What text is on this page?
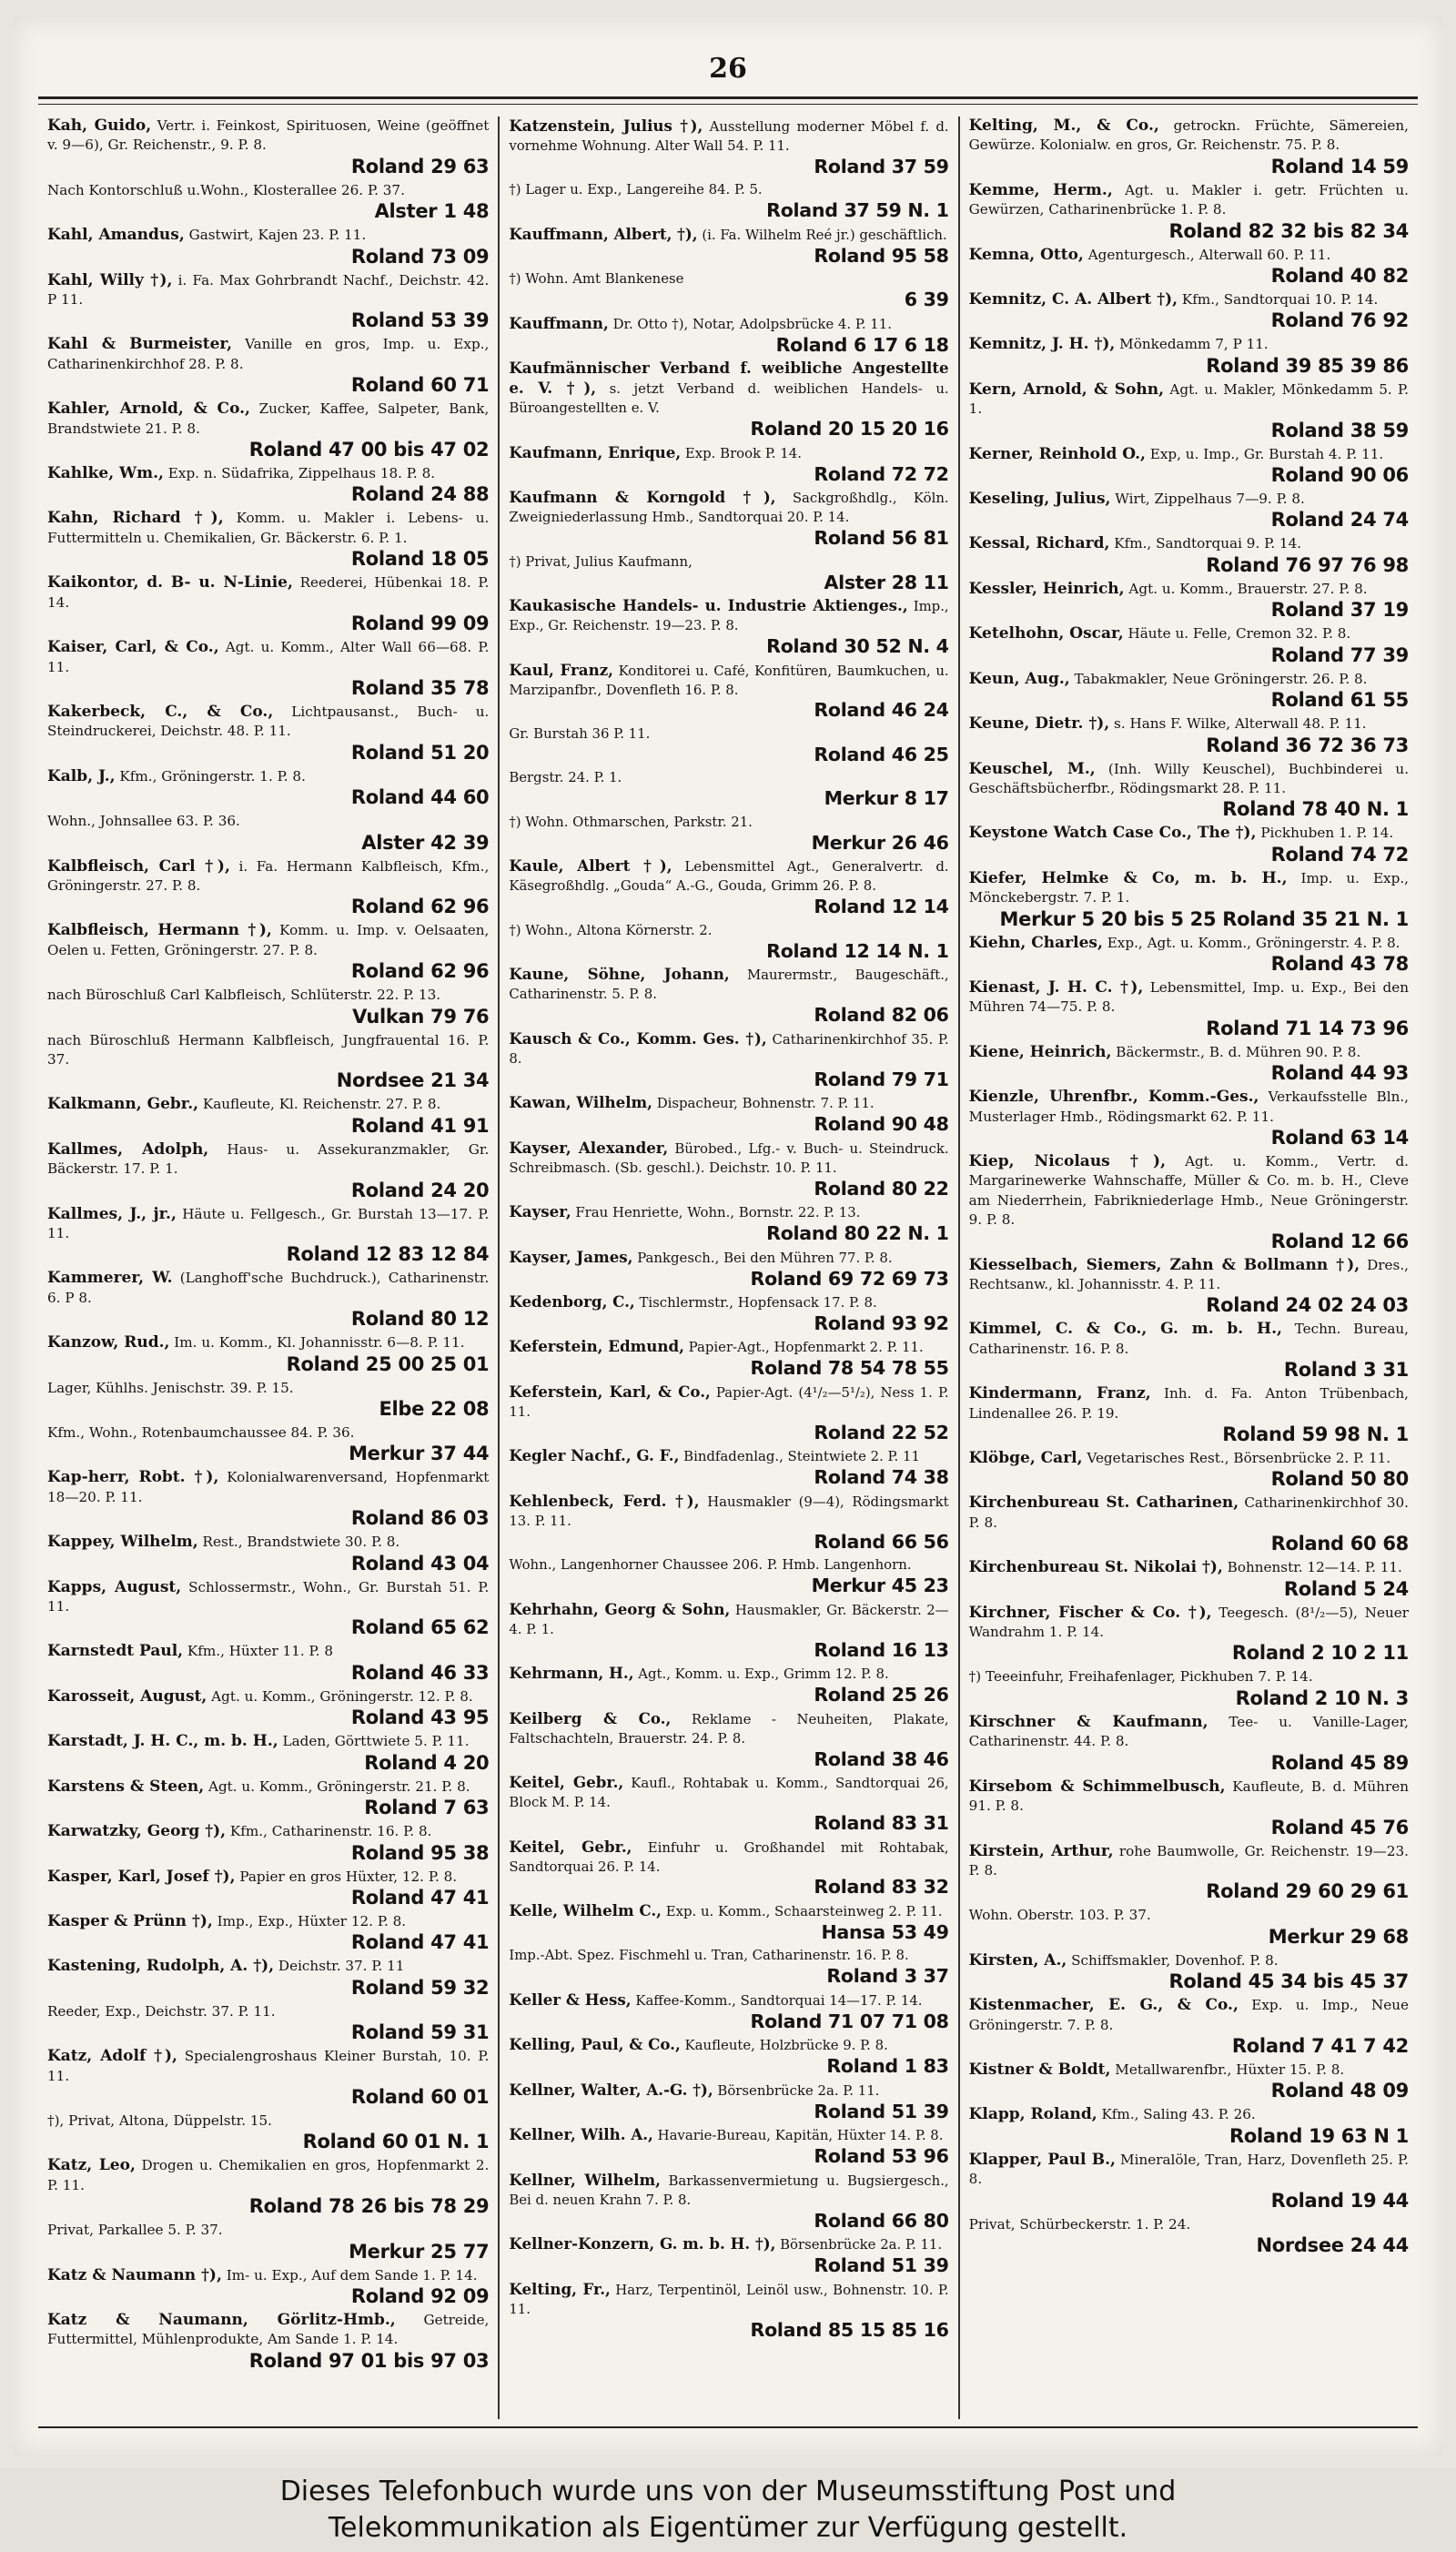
26
Kah, Guido, Vertr. i. Feinkost, Spirituosen, Weine (geöffnet v. 9—6), Gr. Reichenstr., 9. P. 8.
Roland 29 63
Nach Kontorschluß u.Wohn., Klosterallee 26. P. 37.
Alster 1 48
Kahl, Amandus, Gastwirt, Kajen 23. P. 11.
Roland 73 09
Kahl, Willy †), i. Fa. Max Gohrbrandt Nachf., Deichstr. 42. P 11.
Roland 53 39
Kahl & Burmeister, Vanille en gros, Imp. u. Exp., Catharinenkirchhof 28. P. 8.
Roland 60 71
Kahler, Arnold, & Co., Zucker, Kaffee, Salpeter, Bank, Brandstwiete 21. P. 8.
Roland 47 00 bis 47 02
Kahlke, Wm., Exp. n. Südafrika, Zippelhaus 18. P. 8.
Roland 24 88
Kahn, Richard †), Komm. u. Makler i. Lebens- u. Futtermitteln u. Chemikalien, Gr. Bäckerstr. 6. P. 1.
Roland 18 05
Kaikontor, d. B- u. N-Linie, Reederei, Hübenkai 18. P. 14.
Roland 99 09
Kaiser, Carl, & Co., Agt. u. Komm., Alter Wall 66—68. P. 11.
Roland 35 78
Kakerbeck, C., & Co., Lichtpausanst., Buch- u. Steindruckerei, Deichstr. 48. P. 11.
Roland 51 20
Kalb, J., Kfm., Gröningerstr. 1. P. 8.
Roland 44 60
Wohn., Johnsallee 63. P. 36.
Alster 42 39
Kalbfleisch, Carl †), i. Fa. Hermann Kalbfleisch, Kfm., Gröningerstr. 27. P. 8.
Roland 62 96
Kalbfleisch, Hermann †), Komm. u. Imp. v. Oelsaaten, Oelen u. Fetten, Gröningerstr. 27. P. 8.
Roland 62 96
nach Büroschluß Carl Kalbfleisch, Schlüterstr. 22. P. 13.
Vulkan 79 76
nach Büroschluß Hermann Kalbfleisch, Jungfrauental 16. P. 37.
Nordsee 21 34
Kalkmann, Gebr., Kaufleute, Kl. Reichenstr. 27. P. 8.
Roland 41 91
Kallmes, Adolph, Haus- u. Assekuranzmakler, Gr. Bäckerstr. 17. P. 1.
Roland 24 20
Kallmes, J., jr., Häute u. Fellgesch., Gr. Burstah 13—17. P. 11.
Roland 12 83 12 84
Kammerer, W. (Langhoff'sche Buchdruck.), Catharinenstr. 6. P 8.
Roland 80 12
Kanzow, Rud., Im. u. Komm., Kl. Johannisstr. 6—8. P. 11.
Roland 25 00 25 01
Lager, Kühlhs. Jenischstr. 39. P. 15.
Elbe 22 08
Kfm., Wohn., Rotenbaumchaussee 84. P. 36.
Merkur 37 44
Kap-herr, Robt. †), Kolonialwarenversand, Hopfenmarkt 18—20. P. 11.
Roland 86 03
Kappey, Wilhelm, Rest., Brandstwiete 30. P. 8.
Roland 43 04
Kapps, August, Schlossermstr., Wohn., Gr. Burstah 51. P. 11.
Roland 65 62
Karnstedt Paul, Kfm., Hüxter 11. P. 8
Roland 46 33
Karosseit, August, Agt. u. Komm., Gröningerstr. 12. P. 8.
Roland 43 95
Karstadt, J. H. C., m. b. H., Laden, Görttwiete 5. P. 11.
Roland 4 20
Karstens & Steen, Agt. u. Komm., Gröningerstr. 21. P. 8.
Roland 7 63
Karwatzky, Georg †), Kfm., Catharinenstr. 16. P. 8.
Roland 95 38
Kasper, Karl, Josef †), Papier en gros Hüxter, 12. P. 8.
Roland 47 41
Kasper & Prünn †), Imp., Exp., Hüxter 12. P. 8.
Roland 47 41
Kastening, Rudolph, A. †), Deichstr. 37. P. 11
Roland 59 32
Reeder, Exp., Deichstr. 37. P. 11.
Roland 59 31
Katz, Adolf †), Specialengroshaus Kleiner Burstah, 10. P. 11.
Roland 60 01
†), Privat, Altona, Düppelstr. 15.
Roland 60 01 N. 1
Katz, Leo, Drogen u. Chemikalien en gros, Hopfenmarkt 2. P. 11.
Roland 78 26 bis 78 29
Privat, Parkallee 5. P. 37.
Merkur 25 77
Katz & Naumann †), Im- u. Exp., Auf dem Sande 1. P. 14.
Roland 92 09
Katz & Naumann, Görlitz-Hmb., Getreide, Futtermittel, Mühlenprodukte, Am Sande 1. P. 14.
Roland 97 01 bis 97 03
Katzenstein, Julius †), Ausstellung moderner Möbel f. d. vornehme Wohnung. Alter Wall 54. P. 11.
Roland 37 59
†) Lager u. Exp., Langereihe 84. P. 5.
Roland 37 59 N. 1
Kauffmann, Albert, †), (i. Fa. Wilhelm Reé jr.) geschäftlich.
Roland 95 58
†) Wohn. Amt Blankenese
6 39
Kauffmann, Dr. Otto †), Notar, Adolpsbrücke 4. P. 11.
Roland 6 17 6 18
Kaufmännischer Verband f. weibliche Angestellte e. V. †), s. jetzt Verband d. weiblichen Handels- u. Büroangestellten e. V.
Roland 20 15 20 16
Kaufmann, Enrique, Exp. Brook P. 14.
Roland 72 72
Kaufmann & Korngold †), Sackgroßhdlg., Köln. Zweigniederlassung Hmb., Sandtorquai 20. P. 14.
Roland 56 81
†) Privat, Julius Kaufmann,
Alster 28 11
Kaukasische Handels- u. Industrie Aktienges., Imp., Exp., Gr. Reichenstr. 19—23. P. 8.
Roland 30 52 N. 4
Kaul, Franz, Konditorei u. Café, Konfitüren, Baumkuchen, u. Marzipanfbr., Dovenfleth 16. P. 8.
Roland 46 24
Gr. Burstah 36 P. 11.
Roland 46 25
Bergstr. 24. P. 1.
Merkur 8 17
†) Wohn. Othmarschen, Parkstr. 21.
Merkur 26 46
Kaule, Albert †), Lebensmittel Agt., Generalvertr. d. Käsegroßhdlg. „Gouda“ A.-G., Gouda, Grimm 26. P. 8.
Roland 12 14
†) Wohn., Altona Körnerstr. 2.
Roland 12 14 N. 1
Kaune, Söhne, Johann, Maurermstr., Baugeschäft., Catharinenstr. 5. P. 8.
Roland 82 06
Kausch & Co., Komm. Ges. †), Catharinenkirchhof 35. P. 8.
Roland 79 71
Kawan, Wilhelm, Dispacheur, Bohnenstr. 7. P. 11.
Roland 90 48
Kayser, Alexander, Bürobed., Lfg.- v. Buch- u. Steindruck. Schreibmasch. (Sb. geschl.). Deichstr. 10. P. 11.
Roland 80 22
Kayser, Frau Henriette, Wohn., Bornstr. 22. P. 13.
Roland 80 22 N. 1
Kayser, James, Pankgesch., Bei den Mühren 77. P. 8.
Roland 69 72 69 73
Kedenborg, C., Tischlermstr., Hopfensack 17. P. 8.
Roland 93 92
Keferstein, Edmund, Papier-Agt., Hopfenmarkt 2. P. 11.
Roland 78 54 78 55
Keferstein, Karl, & Co., Papier-Agt. (4¹/₂—5¹/₂), Ness 1. P. 11.
Roland 22 52
Kegler Nachf., G. F., Bindfadenlag., Steintwiete 2. P. 11
Roland 74 38
Kehlenbeck, Ferd. †), Hausmakler (9—4), Rödingsmarkt 13. P. 11.
Roland 66 56
Wohn., Langenhorner Chaussee 206. P. Hmb. Langenhorn.
Merkur 45 23
Kehrhahn, Georg & Sohn, Hausmakler, Gr. Bäckerstr. 2—4. P. 1.
Roland 16 13
Kehrmann, H., Agt., Komm. u. Exp., Grimm 12. P. 8.
Roland 25 26
Keilberg & Co., Reklame - Neuheiten, Plakate, Faltschachteln, Brauerstr. 24. P. 8.
Roland 38 46
Keitel, Gebr., Kaufl., Rohtabak u. Komm., Sandtorquai 26, Block M. P. 14.
Roland 83 31
Keitel, Gebr., Einfuhr u. Großhandel mit Rohtabak, Sandtorquai 26. P. 14.
Roland 83 32
Kelle, Wilhelm C., Exp. u. Komm., Schaarsteinweg 2. P. 11.
Hansa 53 49
Imp.-Abt. Spez. Fischmehl u. Tran, Catharinenstr. 16. P. 8.
Roland 3 37
Keller & Hess, Kaffee-Komm., Sandtorquai 14—17. P. 14.
Roland 71 07 71 08
Kelling, Paul, & Co., Kaufleute, Holzbrücke 9. P. 8.
Roland 1 83
Kellner, Walter, A.-G. †), Börsenbrücke 2a. P. 11.
Roland 51 39
Kellner, Wilh. A., Havarie-Bureau, Kapitän, Hüxter 14. P. 8.
Roland 53 96
Kellner, Wilhelm, Barkassenvermietung u. Bugsiergesch., Bei d. neuen Krahn 7. P. 8.
Roland 66 80
Kellner-Konzern, G. m. b. H. †), Börsenbrücke 2a. P. 11.
Roland 51 39
Kelting, Fr., Harz, Terpentinöl, Leinöl usw., Bohnenstr. 10. P. 11.
Roland 85 15 85 16
Kelting, M., & Co., getrockn. Früchte, Sämereien, Gewürze. Kolonialw. en gros, Gr. Reichenstr. 75. P. 8.
Roland 14 59
Kemme, Herm., Agt. u. Makler i. getr. Früchten u. Gewürzen, Catharinenbrücke 1. P. 8.
Roland 82 32 bis 82 34
Kemna, Otto, Agenturgesch., Alterwall 60. P. 11.
Roland 40 82
Kemnitz, C. A. Albert †), Kfm., Sandtorquai 10. P. 14.
Roland 76 92
Kemnitz, J. H. †), Mönkedamm 7, P 11.
Roland 39 85 39 86
Kern, Arnold, & Sohn, Agt. u. Makler, Mönkedamm 5. P. 1.
Roland 38 59
Kerner, Reinhold O., Exp, u. Imp., Gr. Burstah 4. P. 11.
Roland 90 06
Keseling, Julius, Wirt, Zippelhaus 7—9. P. 8.
Roland 24 74
Kessal, Richard, Kfm., Sandtorquai 9. P. 14.
Roland 76 97 76 98
Kessler, Heinrich, Agt. u. Komm., Brauerstr. 27. P. 8.
Roland 37 19
Ketelhohn, Oscar, Häute u. Felle, Cremon 32. P. 8.
Roland 77 39
Keun, Aug., Tabakmakler, Neue Gröningerstr. 26. P. 8.
Roland 61 55
Keune, Dietr. †), s. Hans F. Wilke, Alterwall 48. P. 11.
Roland 36 72 36 73
Keuschel, M., (Inh. Willy Keuschel), Buchbinderei u. Geschäftsbücherfbr., Rödingsmarkt 28. P. 11.
Roland 78 40 N. 1
Keystone Watch Case Co., The †), Pickhuben 1. P. 14.
Roland 74 72
Kiefer, Helmke & Co, m. b. H., Imp. u. Exp., Mönckebergstr. 7. P. 1.
Merkur 5 20 bis 5 25 Roland 35 21 N. 1
Kiehn, Charles, Exp., Agt. u. Komm., Gröningerstr. 4. P. 8.
Roland 43 78
Kienast, J. H. C. †), Lebensmittel, Imp. u. Exp., Bei den Mühren 74—75. P. 8.
Roland 71 14 73 96
Kiene, Heinrich, Bäckermstr., B. d. Mühren 90. P. 8.
Roland 44 93
Kienzle, Uhrenfbr., Komm.-Ges., Verkaufsstelle Bln., Musterlager Hmb., Rödingsmarkt 62. P. 11.
Roland 63 14
Kiep, Nicolaus †), Agt. u. Komm., Vertr. d. Margarinewerke Wahnschaffe, Müller & Co. m. b. H., Cleve am Niederrhein, Fabrikniederlage Hmb., Neue Gröningerstr. 9. P. 8.
Roland 12 66
Kiesselbach, Siemers, Zahn & Bollmann †), Dres., Rechtsanw., kl. Johannisstr. 4. P. 11.
Roland 24 02 24 03
Kimmel, C. & Co., G. m. b. H., Techn. Bureau, Catharinenstr. 16. P. 8.
Roland 3 31
Kindermann, Franz, Inh. d. Fa. Anton Trübenbach, Lindenallee 26. P. 19.
Roland 59 98 N. 1
Klöbge, Carl, Vegetarisches Rest., Börsenbrücke 2. P. 11.
Roland 50 80
Kirchenbureau St. Catharinen, Catharinenkirchhof 30. P. 8.
Roland 60 68
Kirchenbureau St. Nikolai †), Bohnenstr. 12—14. P. 11.
Roland 5 24
Kirchner, Fischer & Co. †), Teegesch. (8¹/₂—5), Neuer Wandrahm 1. P. 14.
Roland 2 10 2 11
†) Teeeinfuhr, Freihafenlager, Pickhuben 7. P. 14.
Roland 2 10 N. 3
Kirschner & Kaufmann, Tee- u. Vanille-Lager, Catharinenstr. 44. P. 8.
Roland 45 89
Kirsebom & Schimmelbusch, Kaufleute, B. d. Mühren 91. P. 8.
Roland 45 76
Kirstein, Arthur, rohe Baumwolle, Gr. Reichenstr. 19—23. P. 8.
Roland 29 60 29 61
Wohn. Oberstr. 103. P. 37.
Merkur 29 68
Kirsten, A., Schiffsmakler, Dovenhof. P. 8.
Roland 45 34 bis 45 37
Kistenmacher, E. G., & Co., Exp. u. Imp., Neue Gröningerstr. 7. P. 8.
Roland 7 41 7 42
Kistner & Boldt, Metallwarenfbr., Hüxter 15. P. 8.
Roland 48 09
Klapp, Roland, Kfm., Saling 43. P. 26.
Roland 19 63 N 1
Klapper, Paul B., Mineralöle, Tran, Harz, Dovenfleth 25. P. 8.
Roland 19 44
Privat, Schürbeckerstr. 1. P. 24.
Nordsee 24 44
Dieses Telefonbuch wurde uns von der Museumsstiftung Post und
Telekommunikation als Eigentümer zur Verfügung gestellt.
